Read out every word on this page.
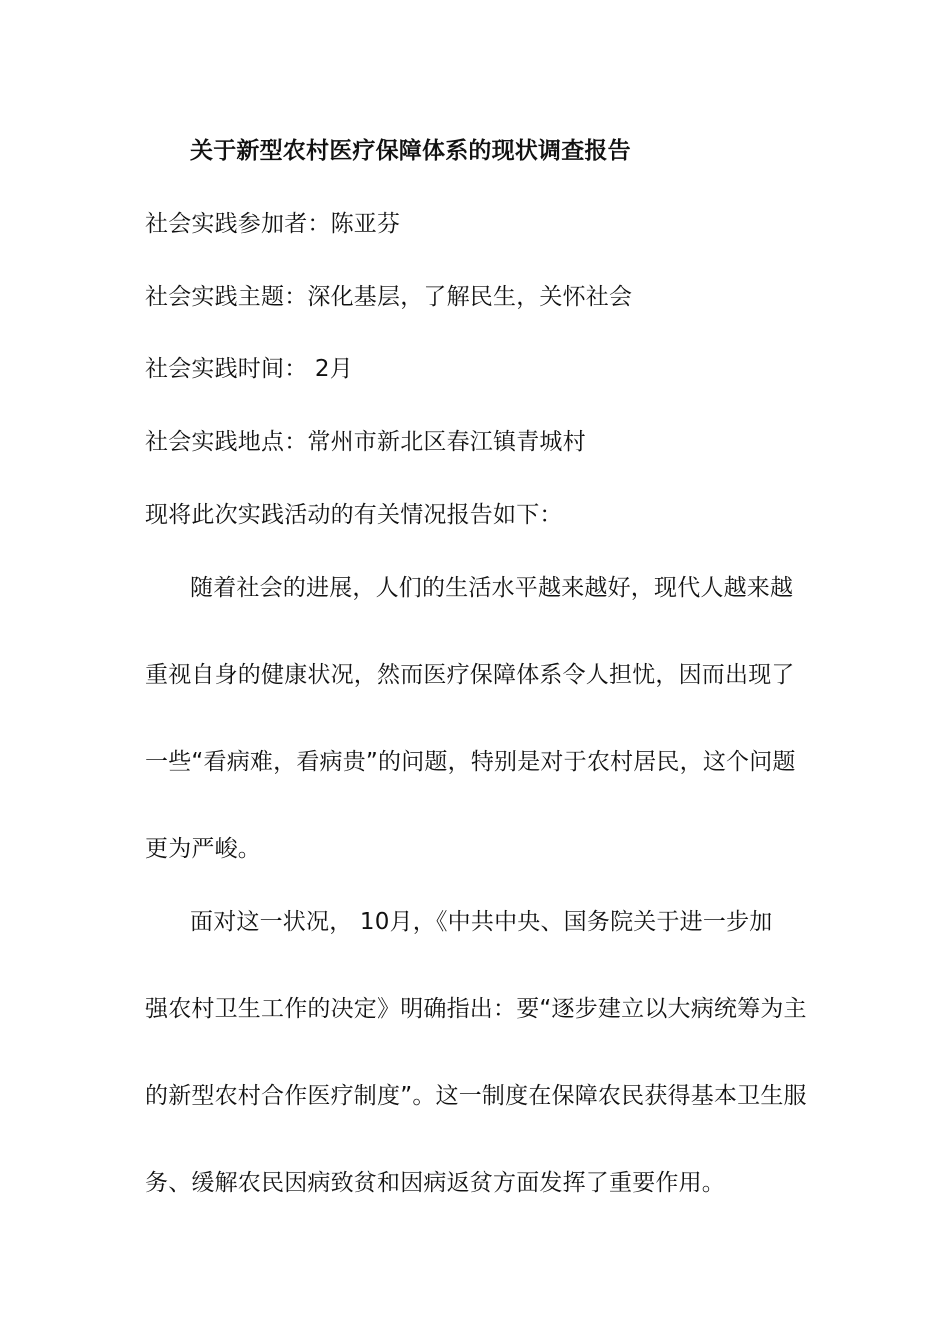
关于新型农村医疗保障体系的现状调查报告
社会实践参加者：陈亚芬
社会实践主题：深化基层，了解民生，关怀社会
社会实践时间： 2月
社会实践地点：常州市新北区春江镇青城村
现将此次实践活动的有关情况报告如下：
随着社会的进展，人们的生活水平越来越好，现代人越来越
重视自身的健康状况，然而医疗保障体系令人担忧，因而出现了
一些“看病难，看病贵”的问题，特别是对于农村居民，这个问题
更为严峻。
面对这一状况， 10月，《中共中央、国务院关于进一步加
强农村卫生工作的决定》明确指出：要“逐步建立以大病统筹为主
的新型农村合作医疗制度”。这一制度在保障农民获得基本卫生服
务、缓解农民因病致贫和因病返贫方面发挥了重要作用。
